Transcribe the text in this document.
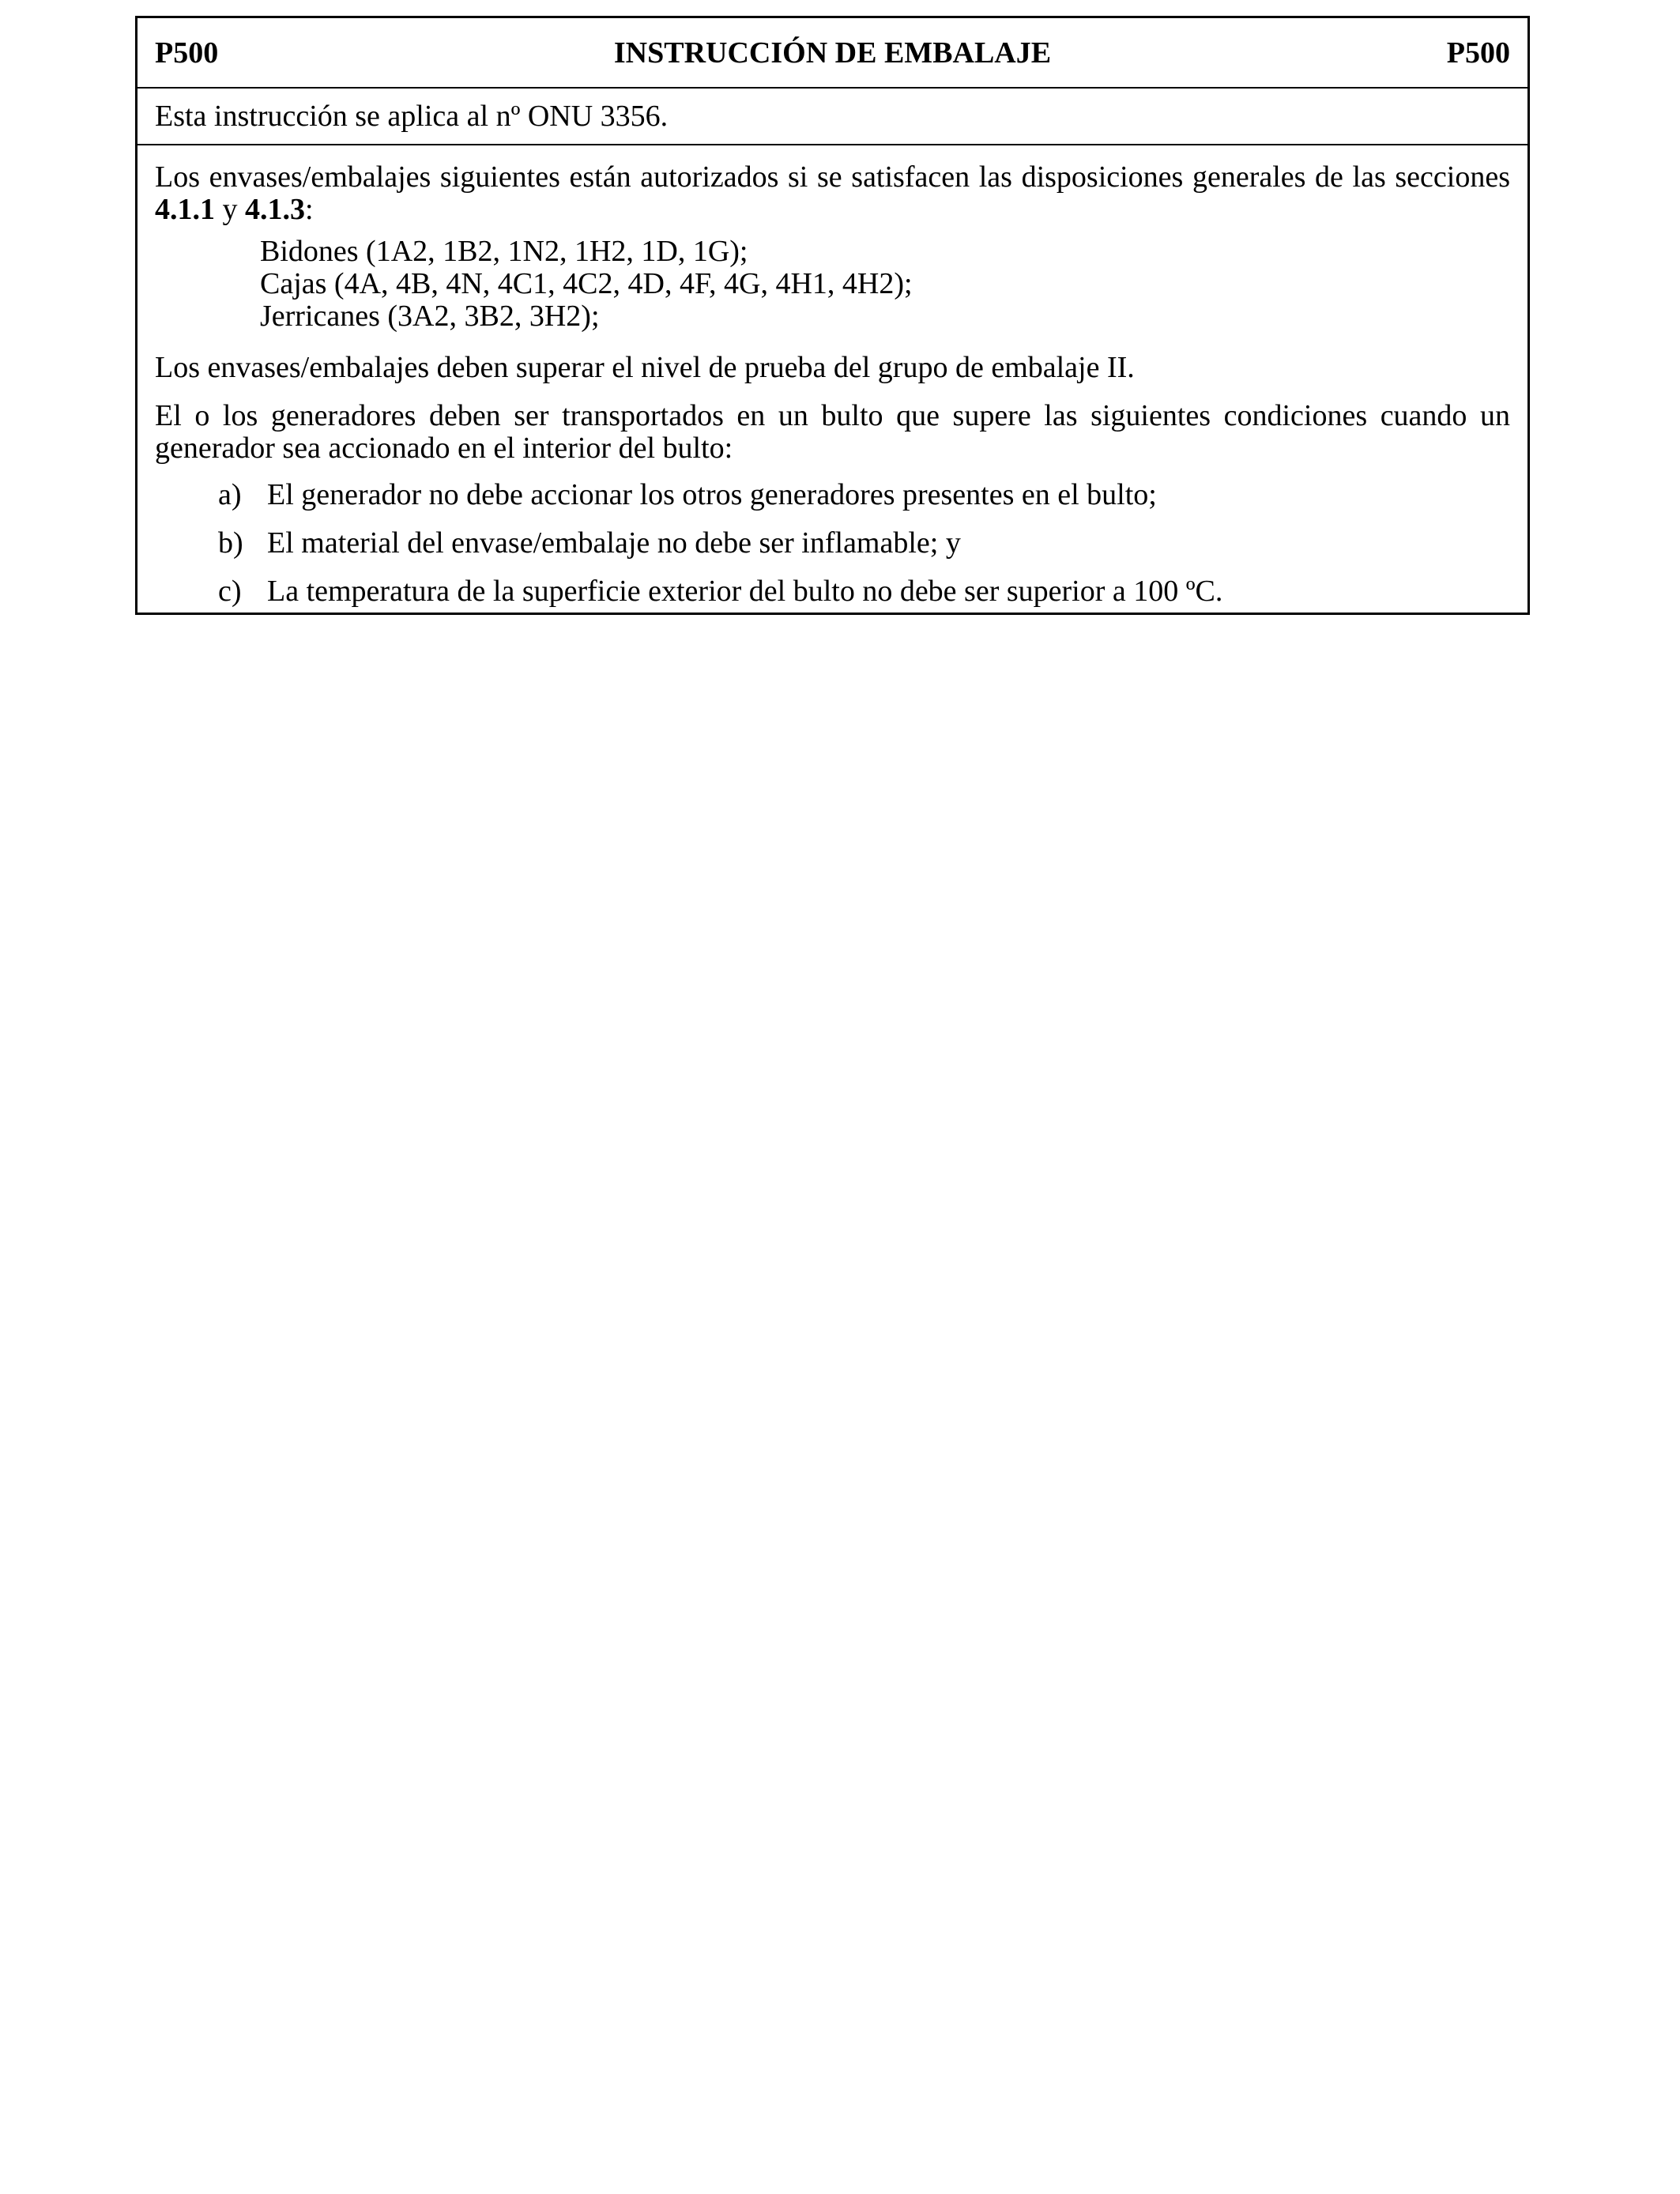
P500	INSTRUCCIÓN DE EMBALAJE	P500
Esta instrucción se aplica al nº ONU 3356.

Los envases/embalajes siguientes están autorizados si se satisfacen las disposiciones generales de las secciones 4.1.1 y 4.1.3:

Bidones (1A2, 1B2, 1N2, 1H2, 1D, 1G);
Cajas (4A, 4B, 4N, 4C1, 4C2, 4D, 4F, 4G, 4H1, 4H2);
Jerricanes (3A2, 3B2, 3H2);

Los envases/embalajes deben superar el nivel de prueba del grupo de embalaje II.

El o los generadores deben ser transportados en un bulto que supere las siguientes condiciones cuando un generador sea accionado en el interior del bulto:

a) El generador no debe accionar los otros generadores presentes en el bulto;
b) El material del envase/embalaje no debe ser inflamable; y
c) La temperatura de la superficie exterior del bulto no debe ser superior a 100 ºC.
